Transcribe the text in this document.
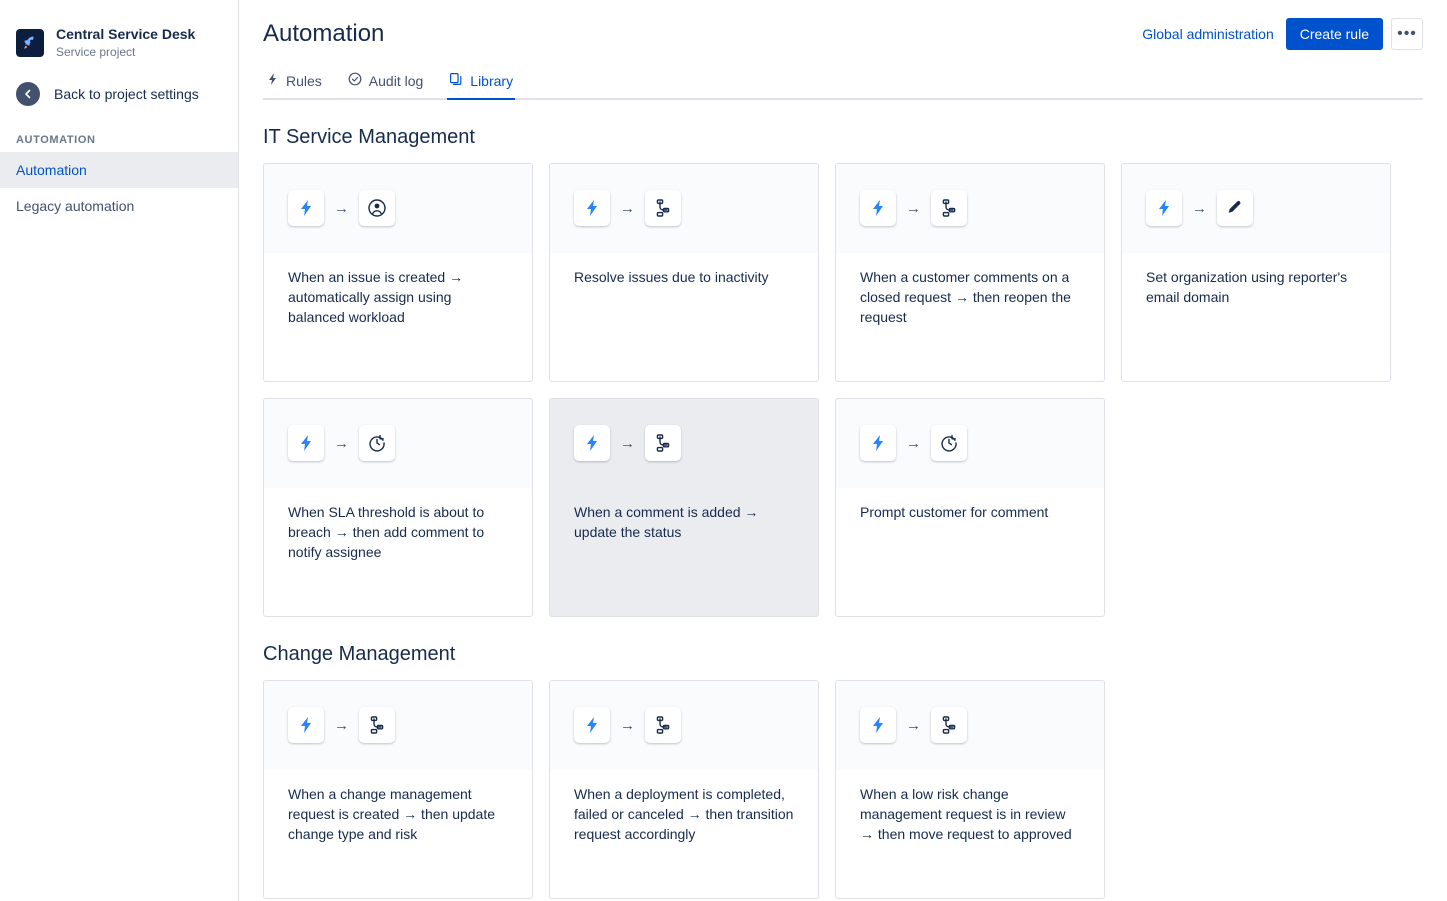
Central Service Desk
Service project
Back to project settings
AUTOMATION
Automation
Legacy automation
Automation	Global administration	Create rule	•••
Rules	Audit log	Library
IT Service Management
→
When an issue is created → automatically assign using balanced workload
→
Resolve issues due to inactivity
→
When a customer comments on a closed request → then reopen the request
→
Set organization using reporter's email domain
→
When SLA threshold is about to breach → then add comment to notify assignee
→
When a comment is added → update the status
→
Prompt customer for comment
Change Management
→
When a change management request is created → then update change type and risk
→
When a deployment is completed, failed or canceled → then transition request accordingly
→
When a low risk change management request is in review → then move request to approved
